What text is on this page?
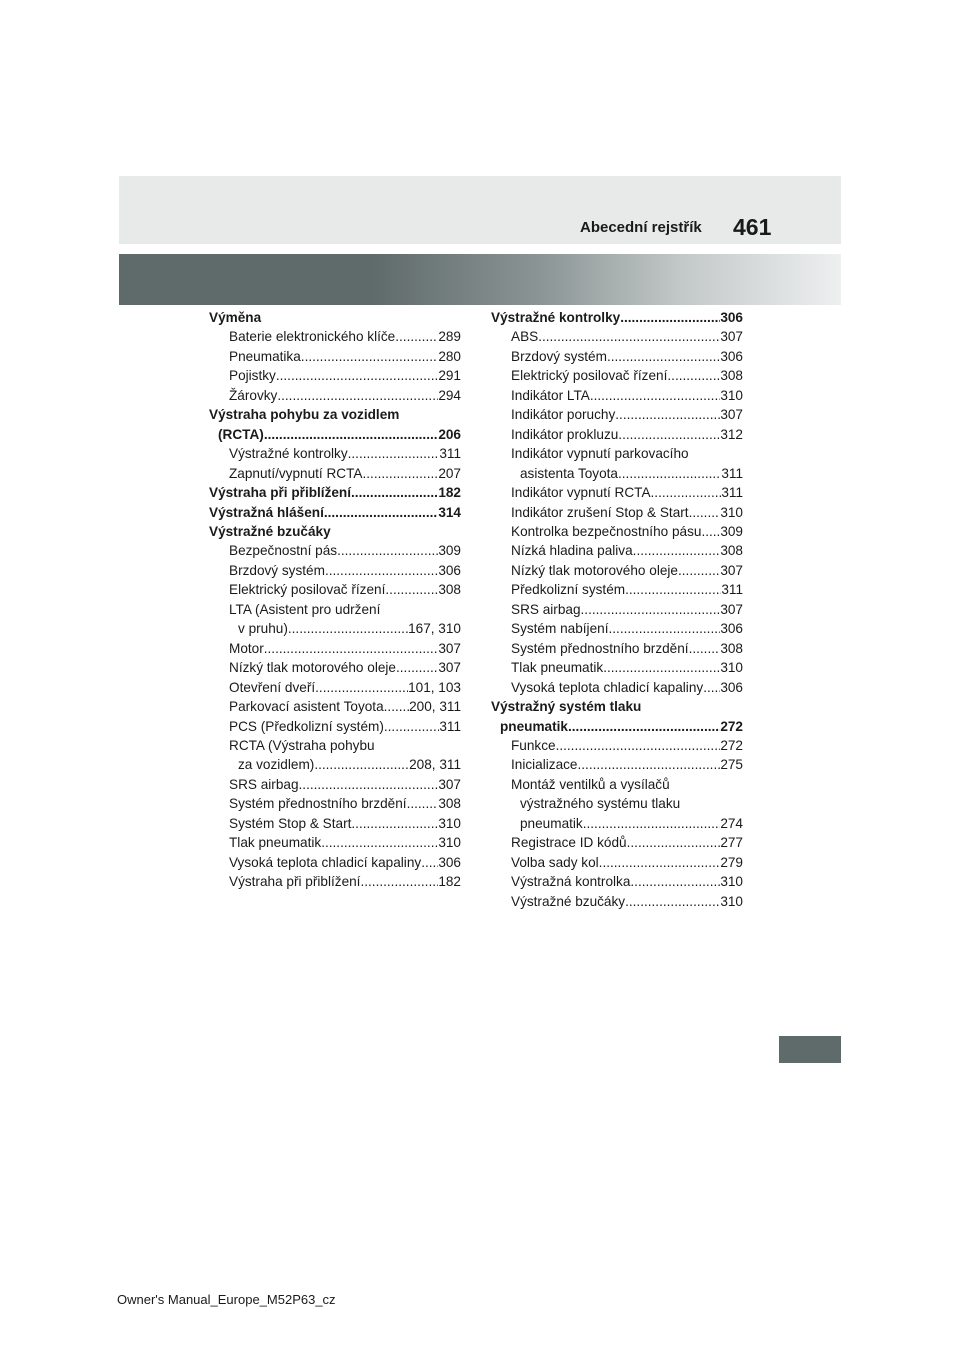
Abecední rejstřík 461
Výměna
Baterie elektronického klíče .....	289
Pneumatika .....	280
Pojistky .....	291
Žárovky .....	294
Výstraha pohybu za vozidlem
(RCTA) .....	206
Výstražné kontrolky .....	311
Zapnutí/vypnutí RCTA .....	207
Výstraha při přiblížení .....	182
Výstražná hlášení .....	314
Výstražné bzučáky
Bezpečnostní pás .....	309
Brzdový systém .....	306
Elektrický posilovač řízení .....	308
LTA (Asistent pro udržení
v pruhu) .....	167, 310
Motor .....	307
Nízký tlak motorového oleje .....	307
Otevření dveří .....	101, 103
Parkovací asistent Toyota ..... 200, 311
PCS (Předkolizní systém) .....	311
RCTA (Výstraha pohybu
za vozidlem) .....	208, 311
SRS airbag .....	307
Systém přednostního brzdění ..... 308
Systém Stop & Start .....	310
Tlak pneumatik .....	310
Vysoká teplota chladicí kapaliny ..... 306
Výstraha při přiblížení .....	182
Výstražné kontrolky .....	306
ABS .....	307
Brzdový systém .....	306
Elektrický posilovač řízení .....	308
Indikátor LTA .....	310
Indikátor poruchy .....	307
Indikátor prokluzu .....	312
Indikátor vypnutí parkovacího
asistenta Toyota .....	311
Indikátor vypnutí RCTA .....	311
Indikátor zrušení Stop & Start ..... 310
Kontrolka bezpečnostního pásu ..... 309
Nízká hladina paliva .....	308
Nízký tlak motorového oleje .....	307
Předkolizní systém .....	311
SRS airbag .....	307
Systém nabíjení .....	306
Systém přednostního brzdění ..... 308
Tlak pneumatik .....	310
Vysoká teplota chladicí kapaliny ..... 306
Výstražný systém tlaku
pneumatik .....	272
Funkce .....	272
Inicializace .....	275
Montáž ventilků a vysílačů
výstražného systému tlaku
pneumatik .....	274
Registrace ID kódů .....	277
Volba sady kol .....	279
Výstražná kontrolka .....	310
Výstražné bzučáky .....	310
Owner's Manual_Europe_M52P63_cz
